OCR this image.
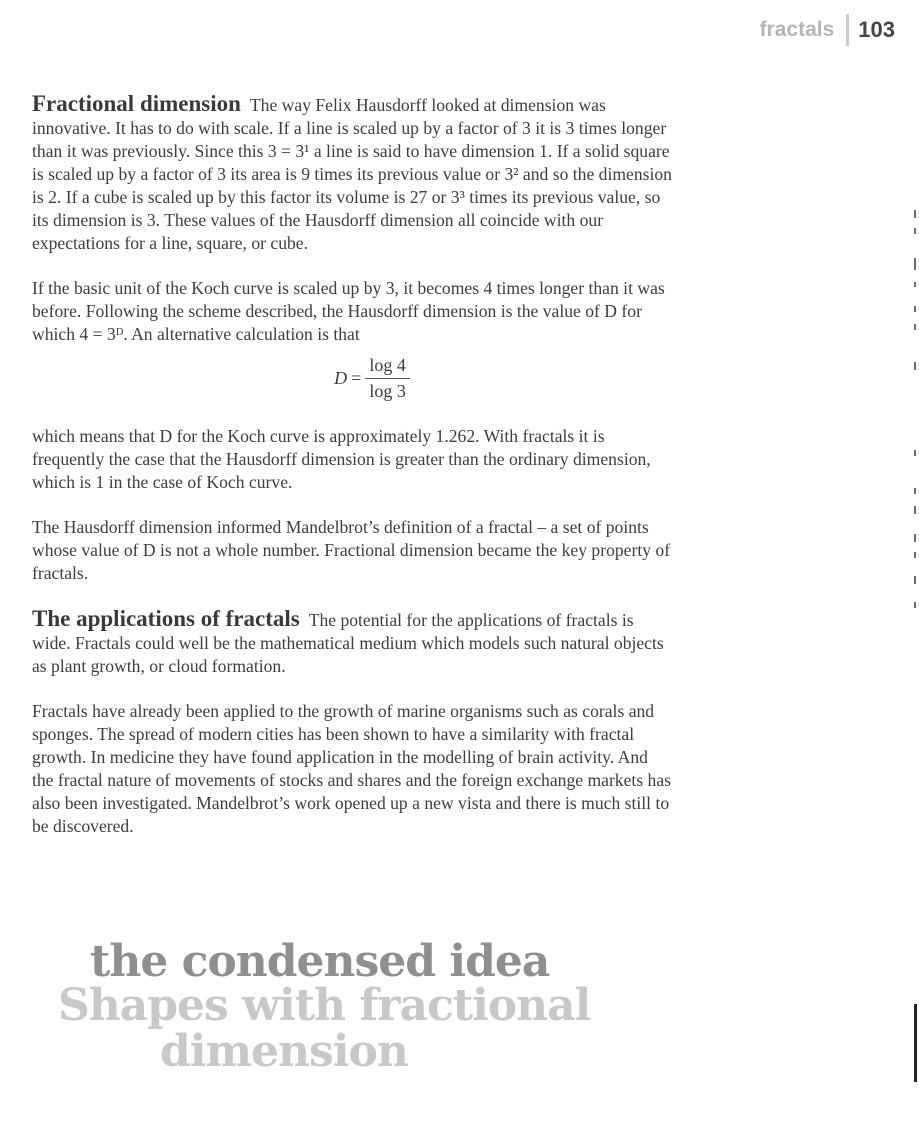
fractals 103

Fractional dimension The way Felix Hausdorff looked at dimension was innovative. It has to do with scale. If a line is scaled up by a factor of 3 it is 3 times longer than it was previously. Since this 3 = 3¹ a line is said to have dimension 1. If a solid square is scaled up by a factor of 3 its area is 9 times its previous value or 3² and so the dimension is 2. If a cube is scaled up by this factor its volume is 27 or 3³ times its previous value, so its dimension is 3. These values of the Hausdorff dimension all coincide with our expectations for a line, square, or cube.

If the basic unit of the Koch curve is scaled up by 3, it becomes 4 times longer than it was before. Following the scheme described, the Hausdorff dimension is the value of D for which 4 = 3ᴰ. An alternative calculation is that

$D = \frac{\log 4}{\log 3}$

which means that D for the Koch curve is approximately 1.262. With fractals it is frequently the case that the Hausdorff dimension is greater than the ordinary dimension, which is 1 in the case of Koch curve.

The Hausdorff dimension informed Mandelbrot’s definition of a fractal – a set of points whose value of D is not a whole number. Fractional dimension became the key property of fractals.

The applications of fractals The potential for the applications of fractals is wide. Fractals could well be the mathematical medium which models such natural objects as plant growth, or cloud formation.

Fractals have already been applied to the growth of marine organisms such as corals and sponges. The spread of modern cities has been shown to have a similarity with fractal growth. In medicine they have found application in the modelling of brain activity. And the fractal nature of movements of stocks and shares and the foreign exchange markets has also been investigated. Mandelbrot’s work opened up a new vista and there is much still to be discovered.

the condensed idea
Shapes with fractional
dimension
